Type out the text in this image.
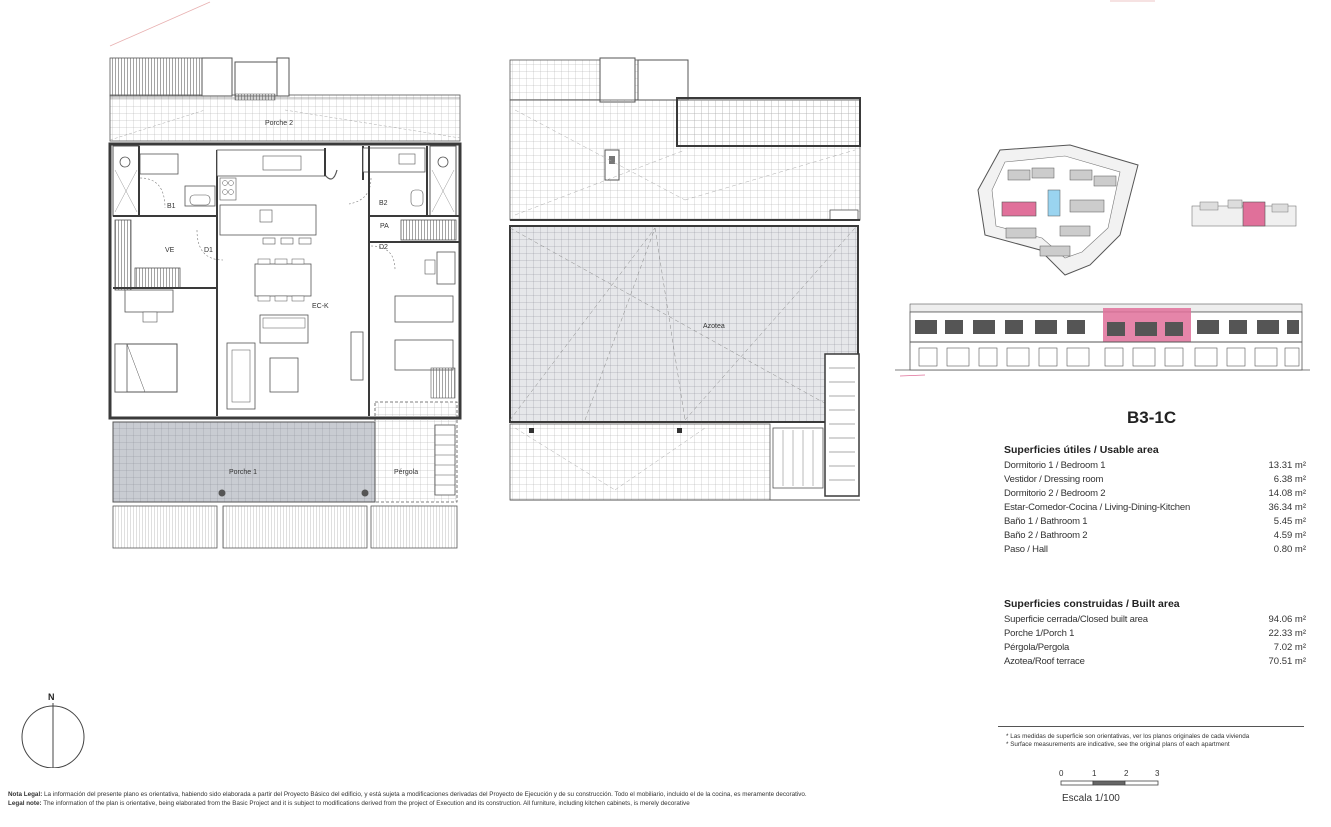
Porche 2
B1	B2
VE	D1
PA
D2
EC-K
Porche 1	Pérgola
Azotea
B3-1C
Superficies útiles / Usable area
Dormitorio 1 / Bedroom 1	13.31 m²
Vestidor / Dressing room	6.38 m²
Dormitorio 2 / Bedroom 2	14.08 m²
Estar-Comedor-Cocina / Living-Dining-Kitchen	36.34 m²
Baño 1 / Bathroom 1	5.45 m²
Baño 2 / Bathroom 2	4.59 m²
Paso / Hall	0.80 m²
Superficies construidas / Built area
Superficie cerrada/Closed built area	94.06 m²
Porche 1/Porch 1	22.33 m²
Pérgola/Pergola	7.02 m²
Azotea/Roof terrace	70.51 m²
* Las medidas de superficie son orientativas, ver los planos originales de cada vivienda
* Surface measurements are indicative, see the original plans of each apartment
0	1	2	3
Escala 1/100
N
Nota Legal: La información del presente plano es orientativa, habiendo sido elaborada a partir del Proyecto Básico del edificio, y está sujeta a modificaciones derivadas del Proyecto de Ejecución y de su construcción. Todo el mobiliario, incluido el de la cocina, es meramente decorativo.
Legal note: The information of the plan is orientative, being elaborated from the Basic Project and it is subject to modifications derived from the project of Execution and its construction. All furniture, including kitchen cabinets, is merely decorative
